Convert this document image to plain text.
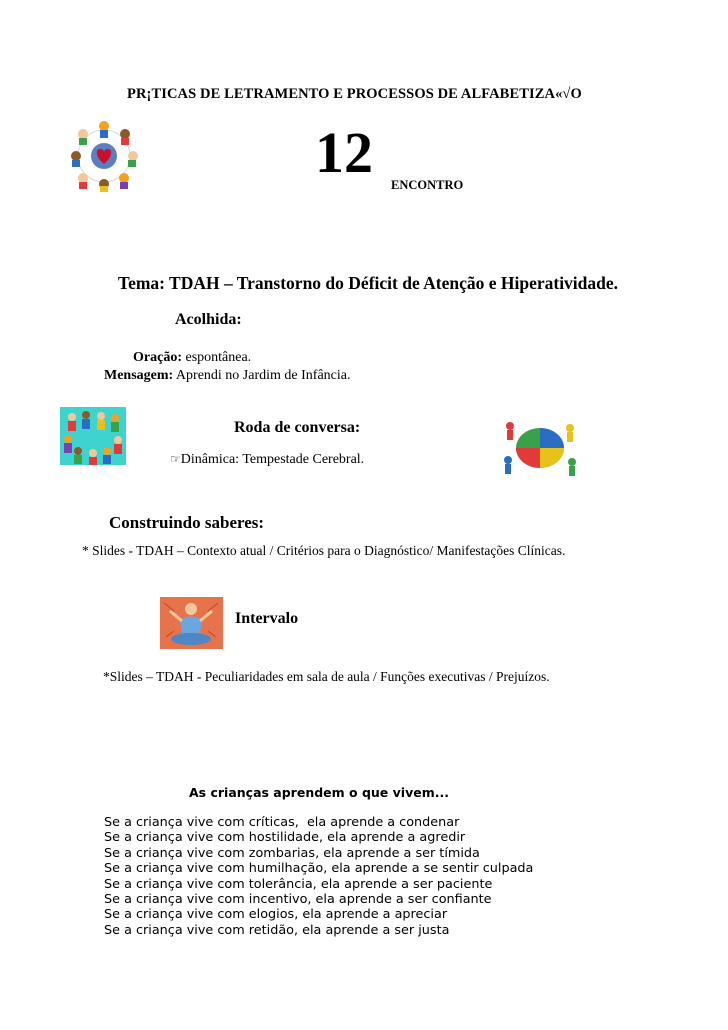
PR¡TICAS DE LETRAMENTO E PROCESSOS DE ALFABETIZA«√O
12 ENCONTRO
Tema: TDAH – Transtorno do Déficit de Atenção e Hiperatividade.
Acolhida:
Oração: espontânea.
Mensagem: Aprendi no Jardim de Infância.
Roda de conversa:
☞Dinâmica: Tempestade Cerebral.
Construindo saberes:
* Slides - TDAH – Contexto atual / Critérios para o Diagnóstico/ Manifestações Clínicas.
Intervalo
*Slides – TDAH - Peculiaridades em sala de aula / Funções executivas / Prejuízos.
As crianças aprendem o que vivem...
Se a criança vive com críticas,  ela aprende a condenar
Se a criança vive com hostilidade, ela aprende a agredir
Se a criança vive com zombarias, ela aprende a ser tímida
Se a criança vive com humilhação, ela aprende a se sentir culpada
Se a criança vive com tolerância, ela aprende a ser paciente
Se a criança vive com incentivo, ela aprende a ser confiante
Se a criança vive com elogios, ela aprende a apreciar
Se a criança vive com retidão, ela aprende a ser justa
